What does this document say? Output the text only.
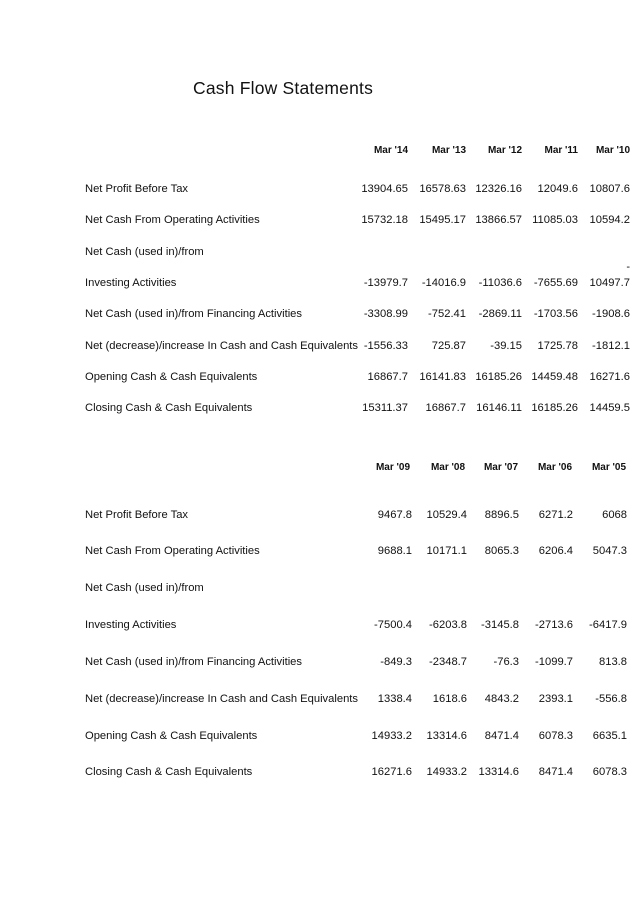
Cash Flow Statements
Mar '14	Mar '13	Mar '12	Mar '11	Mar '10
Net Profit Before Tax	13904.65	16578.63 12326.16	12049.6	10807.6
Net Cash From Operating Activities	15732.18	15495.17 13866.57 11085.03	10594.2
Net Cash (used in)/from
-
Investing Activities	-13979.7	-14016.9	-11036.6	-7655.69	10497.7
Net Cash (used in)/from Financing Activities	-3308.99	-752.41	-2869.11	-1703.56	-1908.6
Net (decrease)/increase In Cash and Cash Equivalents -1556.33	725.87	-39.15	1725.78	-1812.1
Opening Cash & Cash Equivalents	16867.7	16141.83 16185.26 14459.48	16271.6
Closing Cash & Cash Equivalents	15311.37	16867.7 16146.11 16185.26	14459.5
Mar '09	Mar '08	Mar '07	Mar '06	Mar '05
Net Profit Before Tax	9467.8	10529.4	8896.5	6271.2	6068
Net Cash From Operating Activities	9688.1	10171.1	8065.3	6206.4	5047.3
Net Cash (used in)/from
Investing Activities	-7500.4	-6203.8	-3145.8	-2713.6	-6417.9
Net Cash (used in)/from Financing Activities	-849.3	-2348.7	-76.3	-1099.7	813.8
Net (decrease)/increase In Cash and Cash Equivalents	1338.4	1618.6	4843.2	2393.1	-556.8
Opening Cash & Cash Equivalents	14933.2	13314.6	8471.4	6078.3	6635.1
Closing Cash & Cash Equivalents	16271.6	14933.2	13314.6	8471.4	6078.3
